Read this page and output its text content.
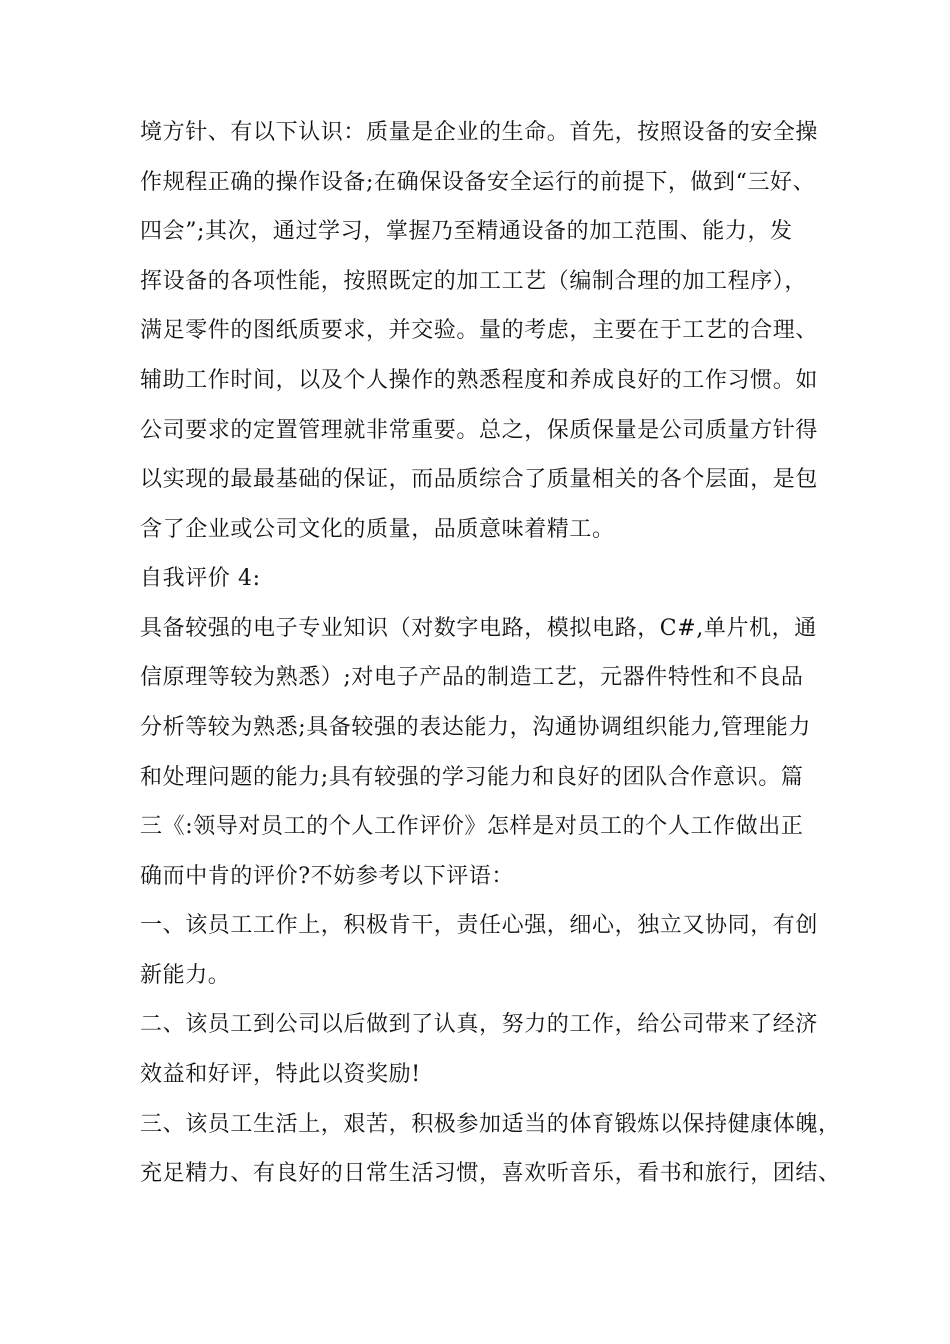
境方针、有以下认识：质量是企业的生命。首先，按照设备的安全操
作规程正确的操作设备;在确保设备安全运行的前提下，做到“三好、
四会”;其次，通过学习，掌握乃至精通设备的加工范围、能力，发
挥设备的各项性能，按照既定的加工工艺（编制合理的加工程序），
满足零件的图纸质要求，并交验。量的考虑，主要在于工艺的合理、
辅助工作时间，以及个人操作的熟悉程度和养成良好的工作习惯。如
公司要求的定置管理就非常重要。总之，保质保量是公司质量方针得
以实现的最最基础的保证，而品质综合了质量相关的各个层面，是包
含了企业或公司文化的质量，品质意味着精工。
自我评价 4:
具备较强的电子专业知识（对数字电路，模拟电路，C#,单片机，通
信原理等较为熟悉）;对电子产品的制造工艺，元器件特性和不良品
分析等较为熟悉;具备较强的表达能力，沟通协调组织能力,管理能力
和处理问题的能力;具有较强的学习能力和良好的团队合作意识。篇
三《:领导对员工的个人工作评价》怎样是对员工的个人工作做出正
确而中肯的评价?不妨参考以下评语：
一、该员工工作上，积极肯干，责任心强，细心，独立又协同，有创
新能力。
二、该员工到公司以后做到了认真，努力的工作，给公司带来了经济
效益和好评，特此以资奖励!
三、该员工生活上，艰苦，积极参加适当的体育锻炼以保持健康体魄，
充足精力、有良好的日常生活习惯，喜欢听音乐，看书和旅行，团结、
